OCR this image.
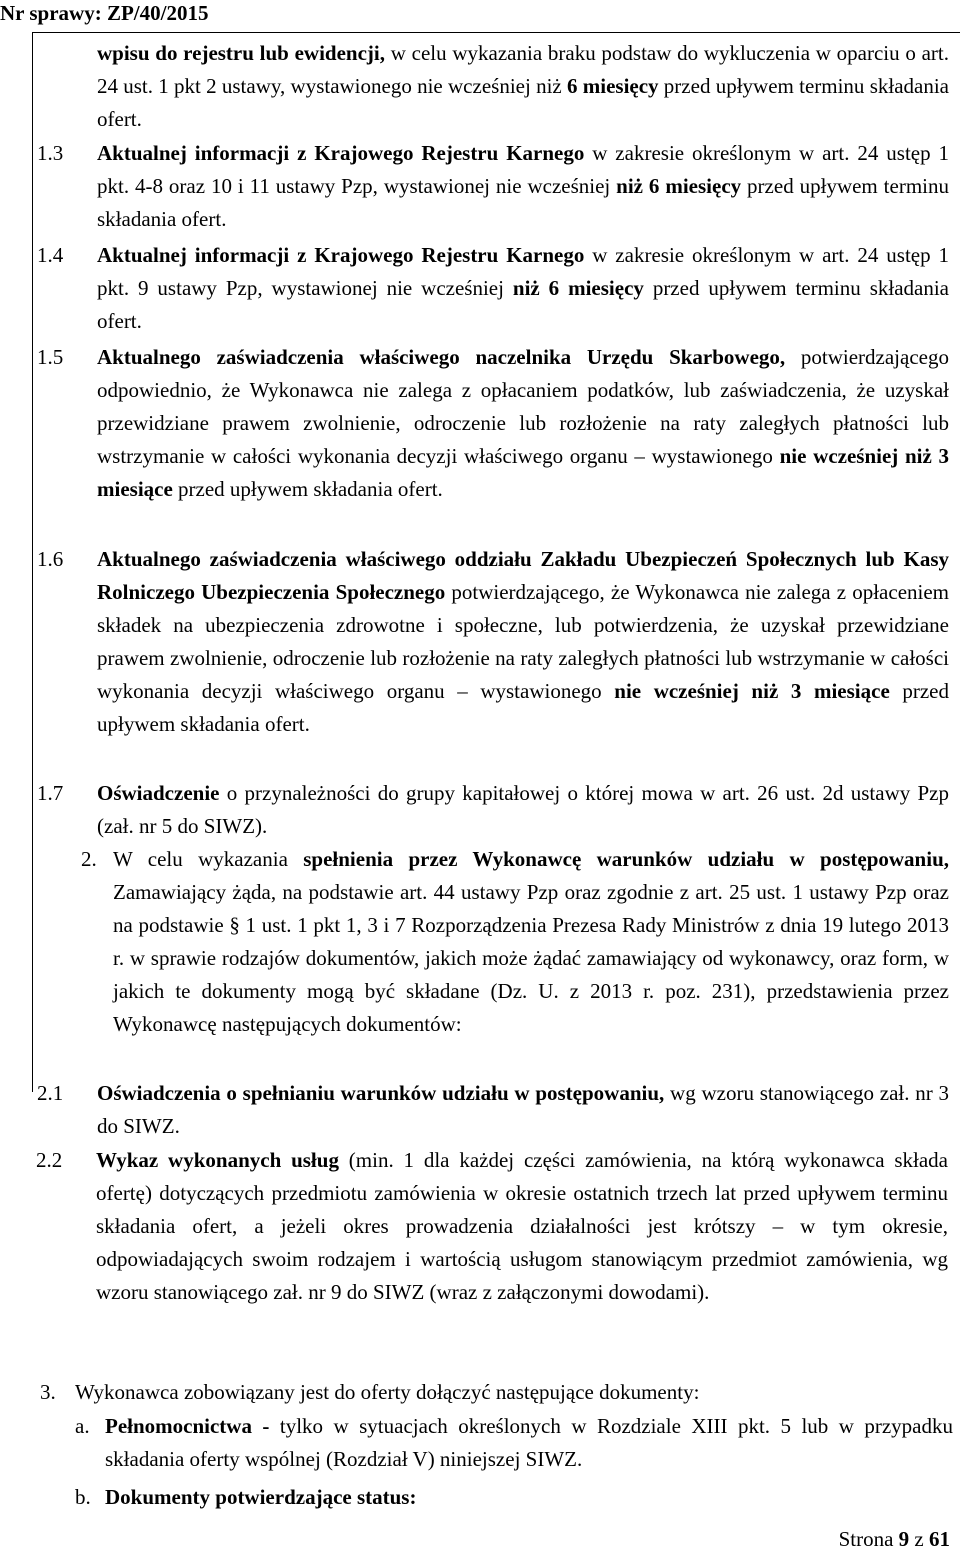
Nr sprawy: ZP/40/2015
wpisu do rejestru lub ewidencji, w celu wykazania braku podstaw do wykluczenia w oparciu o art. 24 ust. 1 pkt 2 ustawy, wystawionego nie wcześniej niż 6 miesięcy przed upływem terminu składania ofert.
1.3 Aktualnej informacji z Krajowego Rejestru Karnego w zakresie określonym w art. 24 ustęp 1 pkt. 4-8 oraz 10 i 11 ustawy Pzp, wystawionej nie wcześniej niż 6 miesięcy przed upływem terminu składania ofert.
1.4 Aktualnej informacji z Krajowego Rejestru Karnego w zakresie określonym w art. 24 ustęp 1 pkt. 9 ustawy Pzp, wystawionej nie wcześniej niż 6 miesięcy przed upływem terminu składania ofert.
1.5 Aktualnego zaświadczenia właściwego naczelnika Urzędu Skarbowego, potwierdzającego odpowiednio, że Wykonawca nie zalega z opłacaniem podatków, lub zaświadczenia, że uzyskał przewidziane prawem zwolnienie, odroczenie lub rozłożenie na raty zaległych płatności lub wstrzymanie w całości wykonania decyzji właściwego organu – wystawionego nie wcześniej niż 3 miesiące przed upływem składania ofert.
1.6 Aktualnego zaświadczenia właściwego oddziału Zakładu Ubezpieczeń Społecznych lub Kasy Rolniczego Ubezpieczenia Społecznego potwierdzającego, że Wykonawca nie zalega z opłaceniem składek na ubezpieczenia zdrowotne i społeczne, lub potwierdzenia, że uzyskał przewidziane prawem zwolnienie, odroczenie lub rozłożenie na raty zaległych płatności lub wstrzymanie w całości wykonania decyzji właściwego organu – wystawionego nie wcześniej niż 3 miesiące przed upływem składania ofert.
1.7 Oświadczenie o przynależności do grupy kapitałowej o której mowa w art. 26 ust. 2d ustawy Pzp (zał. nr 5 do SIWZ).
2. W celu wykazania spełnienia przez Wykonawcę warunków udziału w postępowaniu, Zamawiający żąda, na podstawie art. 44 ustawy Pzp oraz zgodnie z art. 25 ust. 1 ustawy Pzp oraz na podstawie § 1 ust. 1 pkt 1, 3 i 7 Rozporządzenia Prezesa Rady Ministrów z dnia 19 lutego 2013 r. w sprawie rodzajów dokumentów, jakich może żądać zamawiający od wykonawcy, oraz form, w jakich te dokumenty mogą być składane (Dz. U. z 2013 r. poz. 231), przedstawienia przez Wykonawcę następujących dokumentów:
2.1 Oświadczenia o spełnianiu warunków udziału w postępowaniu, wg wzoru stanowiącego zał. nr 3 do SIWZ.
2.2 Wykaz wykonanych usług (min. 1 dla każdej części zamówienia, na którą wykonawca składa ofertę) dotyczących przedmiotu zamówienia w okresie ostatnich trzech lat przed upływem terminu składania ofert, a jeżeli okres prowadzenia działalności jest krótszy – w tym okresie, odpowiadających swoim rodzajem i wartością usługom stanowiącym przedmiot zamówienia, wg wzoru stanowiącego zał. nr 9 do SIWZ (wraz z załączonymi dowodami).
3. Wykonawca zobowiązany jest do oferty dołączyć następujące dokumenty:
a. Pełnomocnictwa - tylko w sytuacjach określonych w Rozdziale XIII pkt. 5 lub w przypadku składania oferty wspólnej (Rozdział V) niniejszej SIWZ.
b. Dokumenty potwierdzające status:
Strona 9 z 61
